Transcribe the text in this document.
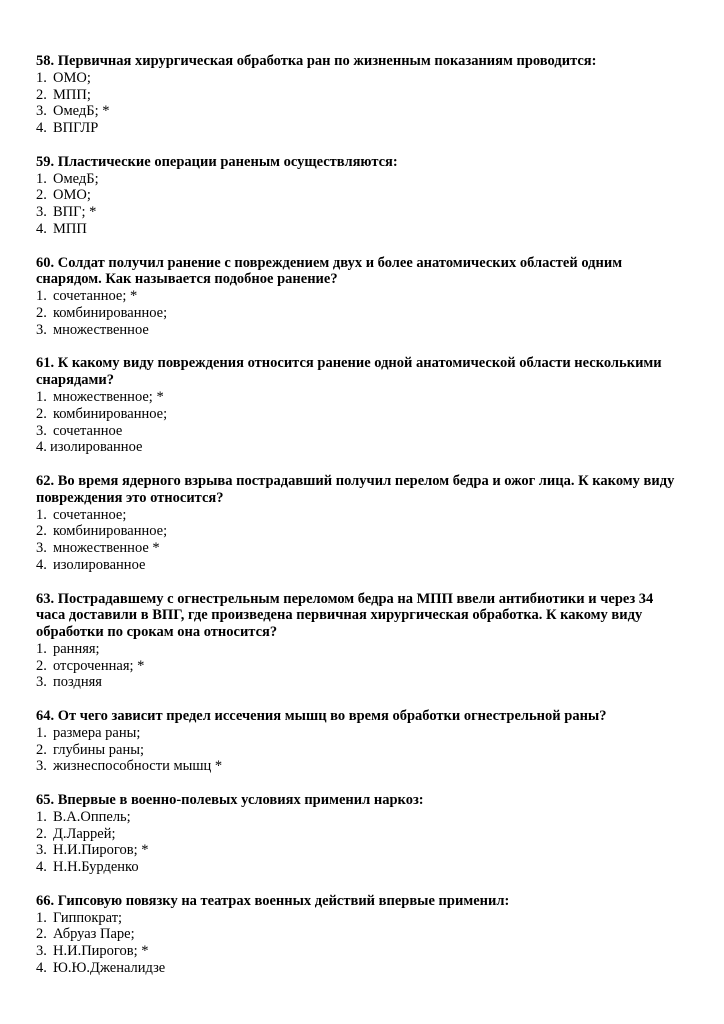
58. Первичная хирургическая обработка ран по жизненным показаниям проводится:
1. ОМО;
2. МПП;
3. ОмедБ; *
4. ВПГЛР
59. Пластические операции раненым осуществляются:
1. ОмедБ;
2. ОМО;
3. ВПГ; *
4. МПП
60. Солдат получил ранение с повреждением двух и более анатомических областей одним
снарядом. Как называется подобное ранение?
1. сочетанное; *
2. комбинированное;
3. множественное
61. К какому виду повреждения относится ранение одной анатомической области несколькими
снарядами?
1. множественное; *
2. комбинированное;
3. сочетанное
4. изолированное
62. Во время ядерного взрыва пострадавший получил перелом бедра и ожог лица. К какому виду
повреждения это относится?
1. сочетанное;
2. комбинированное;
3. множественное *
4. изолированное
63. Пострадавшему с огнестрельным переломом бедра на МПП ввели антибиотики и через 34
часа доставили в ВПГ, где произведена первичная хирургическая обработка. К какому виду
обработки по срокам она относится?
1. ранняя;
2. отсроченная; *
3. поздняя
64. От чего зависит предел иссечения мышц во время обработки огнестрельной раны?
1. размера раны;
2. глубины раны;
3. жизнеспособности мышц *
65. Впервые в военно-полевых условиях применил наркоз:
1. В.А.Оппель;
2. Д.Ларрей;
3. Н.И.Пирогов; *
4. Н.Н.Бурденко
66. Гипсовую повязку на театрах военных действий впервые применил:
1. Гиппократ;
2. Абруаз Паре;
3. Н.И.Пирогов; *
4. Ю.Ю.Дженалидзе
